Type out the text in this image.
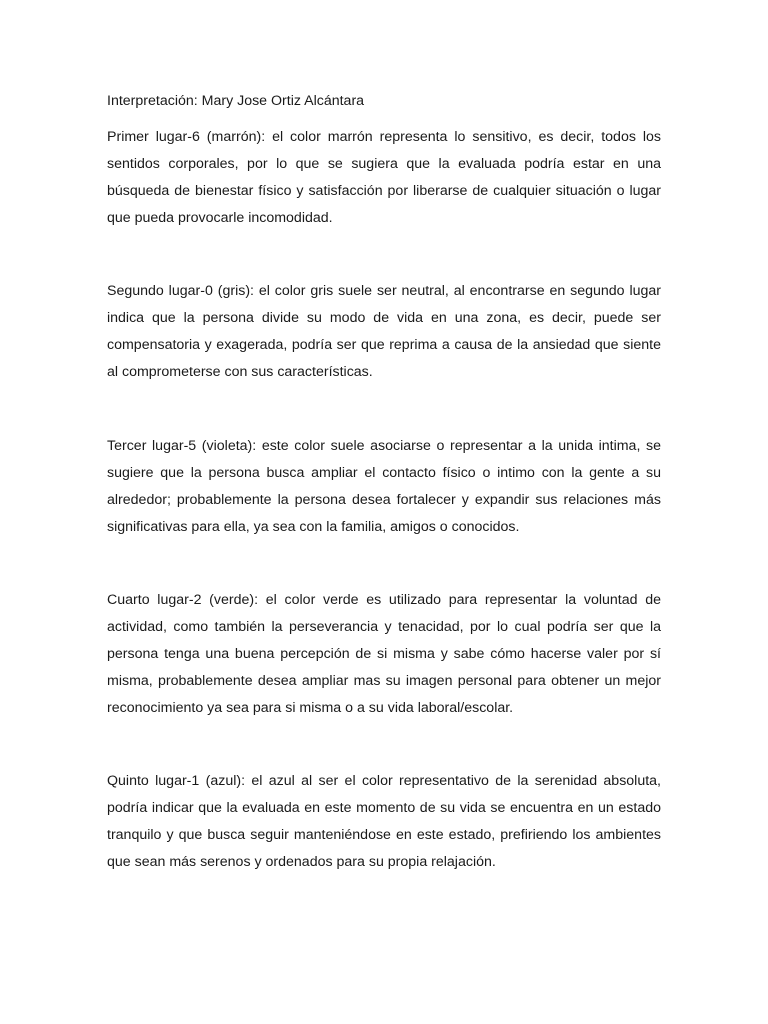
Interpretación: Mary Jose Ortiz Alcántara

Primer lugar-6 (marrón): el color marrón representa lo sensitivo, es decir, todos los sentidos corporales, por lo que se sugiera que la evaluada podría estar en una búsqueda de bienestar físico y satisfacción por liberarse de cualquier situación o lugar que pueda provocarle incomodidad.

Segundo lugar-0 (gris): el color gris suele ser neutral, al encontrarse en segundo lugar indica que la persona divide su modo de vida en una zona, es decir, puede ser compensatoria y exagerada, podría ser que reprima a causa de la ansiedad que siente al comprometerse con sus características.

Tercer lugar-5 (violeta): este color suele asociarse o representar a la unida intima, se sugiere que la persona busca ampliar el contacto físico o intimo con la gente a su alrededor; probablemente la persona desea fortalecer y expandir sus relaciones más significativas para ella, ya sea con la familia, amigos o conocidos.

Cuarto lugar-2 (verde): el color verde es utilizado para representar la voluntad de actividad, como también la perseverancia y tenacidad, por lo cual podría ser que la persona tenga una buena percepción de si misma y sabe cómo hacerse valer por sí misma, probablemente desea ampliar mas su imagen personal para obtener un mejor reconocimiento ya sea para si misma o a su vida laboral/escolar.

Quinto lugar-1 (azul): el azul al ser el color representativo de la serenidad absoluta, podría indicar que la evaluada en este momento de su vida se encuentra en un estado tranquilo y que busca seguir manteniéndose en este estado, prefiriendo los ambientes que sean más serenos y ordenados para su propia relajación.
